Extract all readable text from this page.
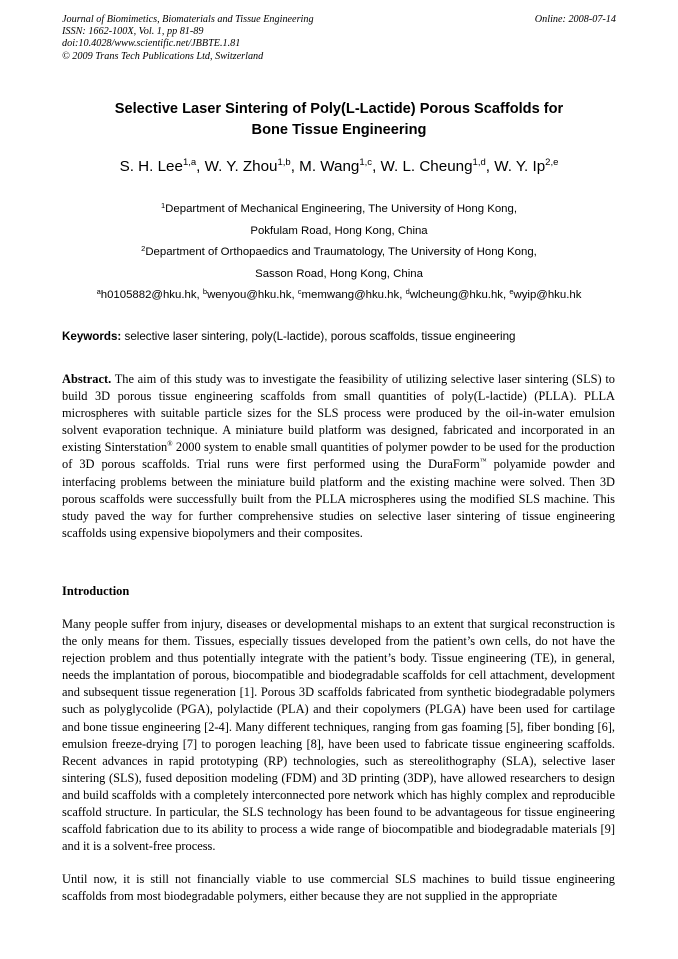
Journal of Biomimetics, Biomaterials and Tissue Engineering	Online: 2008-07-14
ISSN: 1662-100X, Vol. 1, pp 81-89
doi:10.4028/www.scientific.net/JBBTE.1.81
© 2009 Trans Tech Publications Ltd, Switzerland
Selective Laser Sintering of Poly(L-Lactide) Porous Scaffolds for
Bone Tissue Engineering
S. H. Lee$^{1,a}$, W. Y. Zhou$^{1,b}$, M. Wang$^{1,c}$, W. L. Cheung$^{1,d}$, W. Y. Ip$^{2,e}$
$^1$Department of Mechanical Engineering, The University of Hong Kong,
Pokfulam Road, Hong Kong, China
$^2$Department of Orthopaedics and Traumatology, The University of Hong Kong,
Sasson Road, Hong Kong, China
$^a$h0105882@hku.hk, $^b$wenyou@hku.hk, $^c$memwang@hku.hk, $^d$wlcheung@hku.hk, $^e$wyip@hku.hk
Keywords: selective laser sintering, poly(L-lactide), porous scaffolds, tissue engineering
Abstract. The aim of this study was to investigate the feasibility of utilizing selective laser sintering (SLS) to build 3D porous tissue engineering scaffolds from small quantities of poly(L-lactide) (PLLA). PLLA microspheres with suitable particle sizes for the SLS process were produced by the oil-in-water emulsion solvent evaporation technique. A miniature build platform was designed, fabricated and incorporated in an existing Sinterstation® 2000 system to enable small quantities of polymer powder to be used for the production of 3D porous scaffolds. Trial runs were first performed using the DuraForm™ polyamide powder and interfacing problems between the miniature build platform and the existing machine were solved. Then 3D porous scaffolds were successfully built from the PLLA microspheres using the modified SLS machine. This study paved the way for further comprehensive studies on selective laser sintering of tissue engineering scaffolds using expensive biopolymers and their composites.
Introduction
Many people suffer from injury, diseases or developmental mishaps to an extent that surgical reconstruction is the only means for them. Tissues, especially tissues developed from the patient’s own cells, do not have the rejection problem and thus potentially integrate with the patient’s body. Tissue engineering (TE), in general, needs the implantation of porous, biocompatible and biodegradable scaffolds for cell attachment, development and subsequent tissue regeneration [1]. Porous 3D scaffolds fabricated from synthetic biodegradable polymers such as polyglycolide (PGA), polylactide (PLA) and their copolymers (PLGA) have been used for cartilage and bone tissue engineering [2-4]. Many different techniques, ranging from gas foaming [5], fiber bonding [6], emulsion freeze-drying [7] to porogen leaching [8], have been used to fabricate tissue engineering scaffolds. Recent advances in rapid prototyping (RP) technologies, such as stereolithography (SLA), selective laser sintering (SLS), fused deposition modeling (FDM) and 3D printing (3DP), have allowed researchers to design and build scaffolds with a completely interconnected pore network which has highly complex and reproducible scaffold structure. In particular, the SLS technology has been found to be advantageous for tissue engineering scaffold fabrication due to its ability to process a wide range of biocompatible and biodegradable materials [9] and it is a solvent-free process.
Until now, it is still not financially viable to use commercial SLS machines to build tissue engineering scaffolds from most biodegradable polymers, either because they are not supplied in the appropriate
